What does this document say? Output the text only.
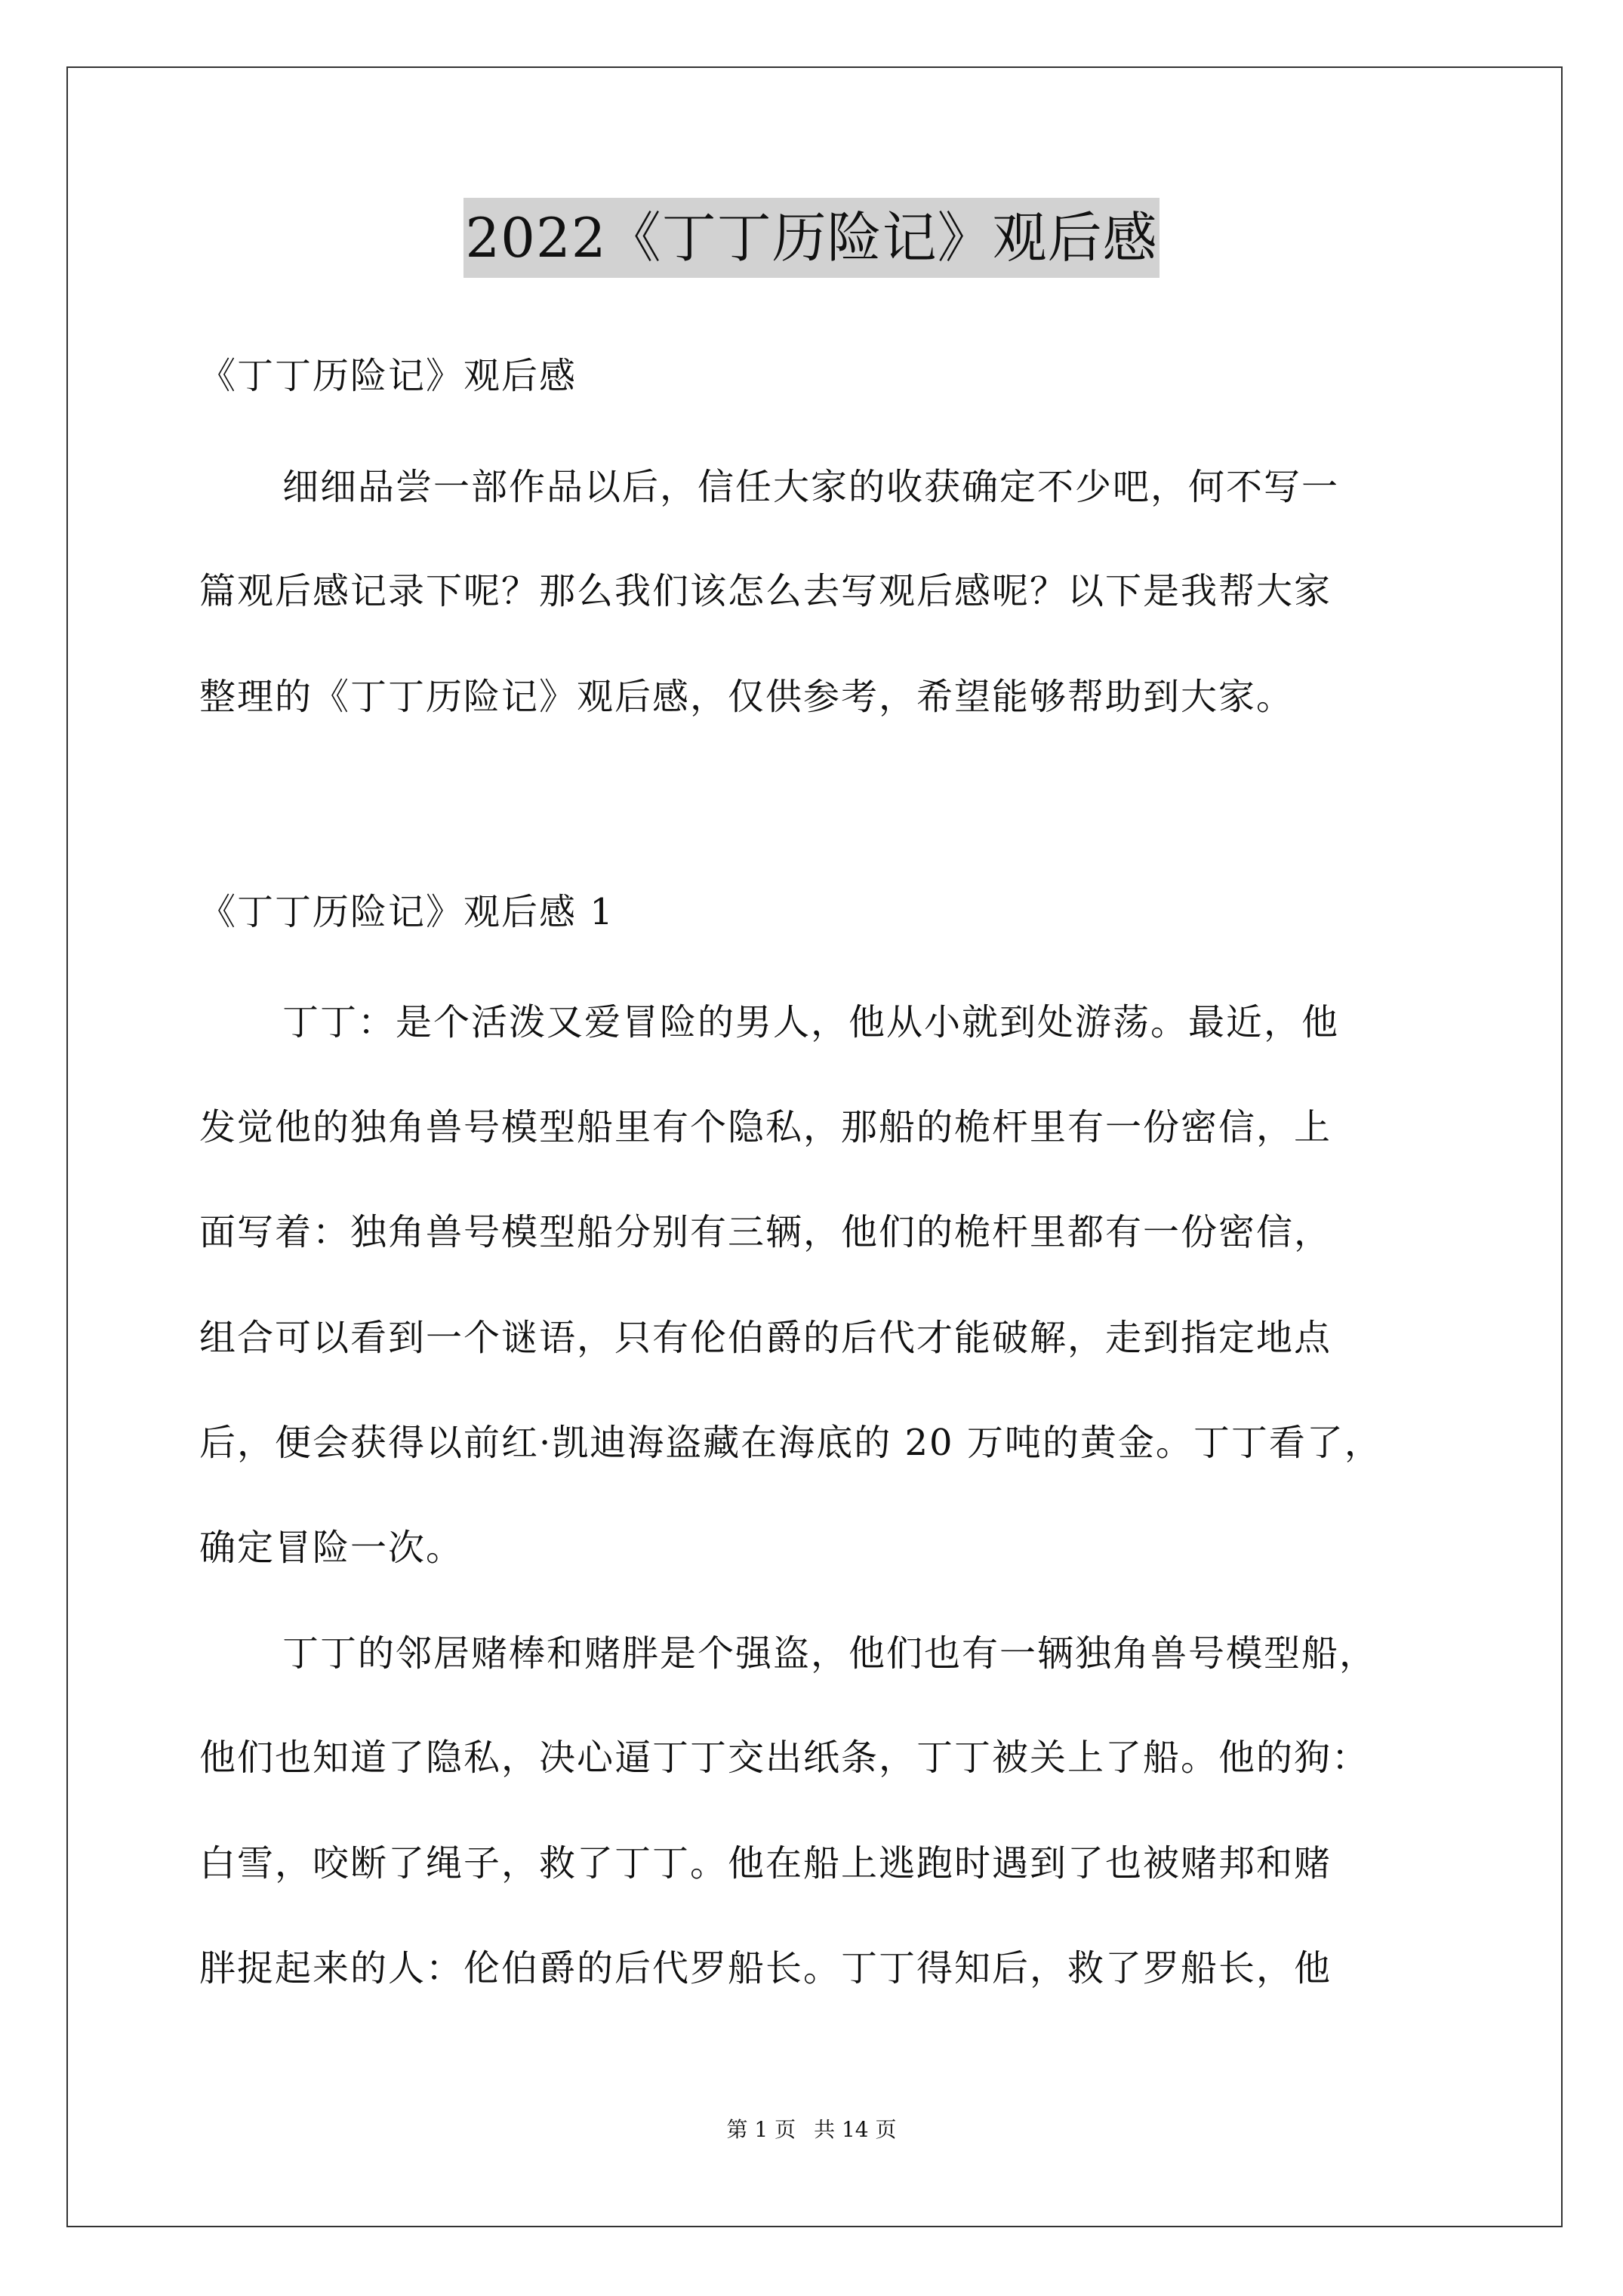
2022《丁丁历险记》观后感
《丁丁历险记》观后感
细细品尝一部作品以后，信任大家的收获确定不少吧，何不写一
篇观后感记录下呢？那么我们该怎么去写观后感呢？以下是我帮大家
整理的《丁丁历险记》观后感，仅供参考，希望能够帮助到大家。
《丁丁历险记》观后感 1
丁丁：是个活泼又爱冒险的男人，他从小就到处游荡。最近，他
发觉他的独角兽号模型船里有个隐私，那船的桅杆里有一份密信，上
面写着：独角兽号模型船分别有三辆，他们的桅杆里都有一份密信，
组合可以看到一个谜语，只有伦伯爵的后代才能破解，走到指定地点
后，便会获得以前红·凯迪海盗藏在海底的 20 万吨的黄金。丁丁看了，
确定冒险一次。
丁丁的邻居赌棒和赌胖是个强盗，他们也有一辆独角兽号模型船，
他们也知道了隐私，决心逼丁丁交出纸条，丁丁被关上了船。他的狗：
白雪，咬断了绳子，救了丁丁。他在船上逃跑时遇到了也被赌邦和赌
胖捉起来的人：伦伯爵的后代罗船长。丁丁得知后，救了罗船长，他
第 1 页 共 14 页
